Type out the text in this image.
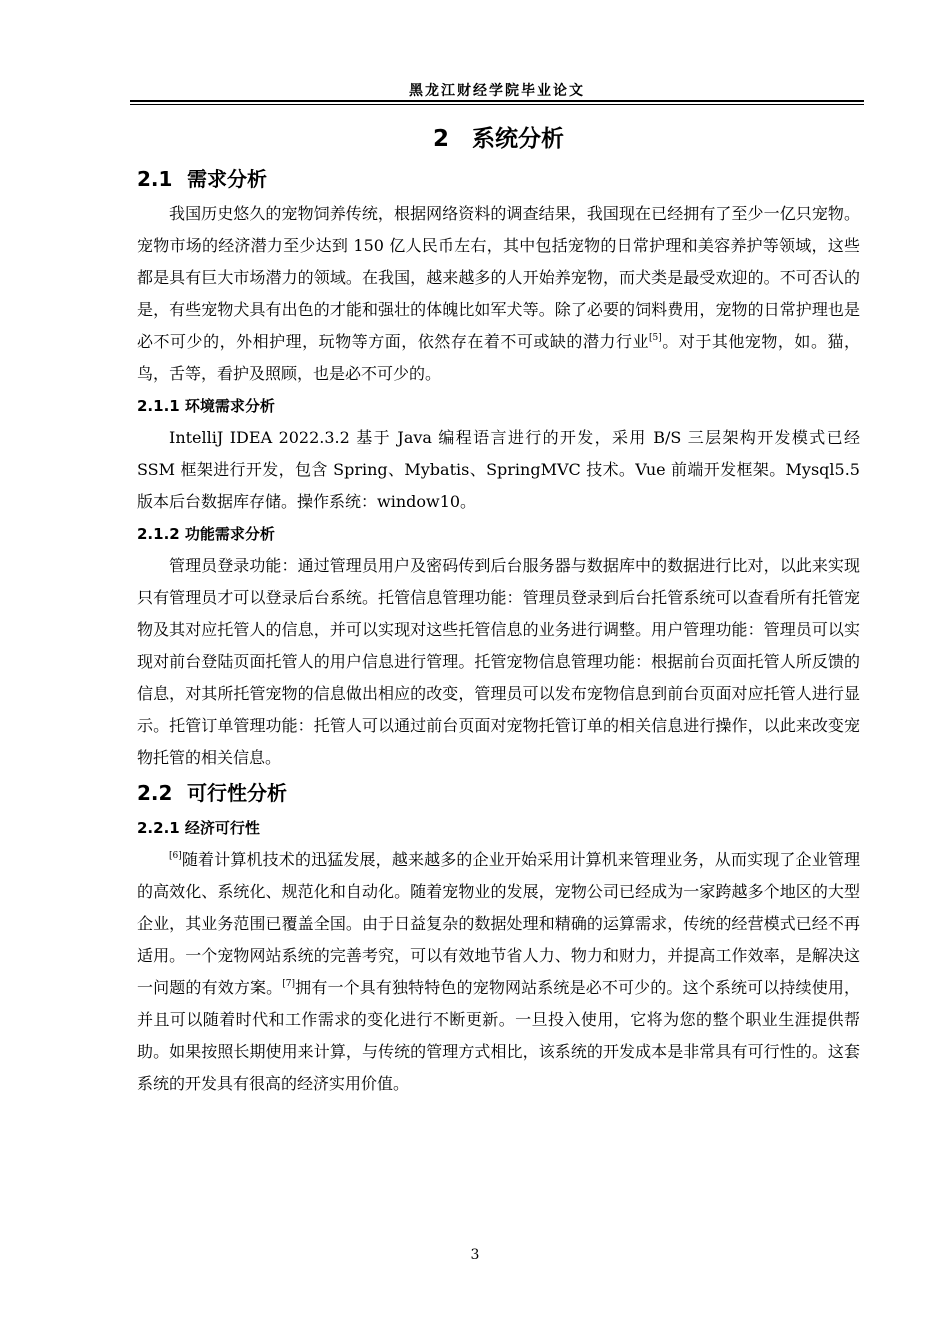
黑龙江财经学院毕业论文
2　系统分析
2.1 需求分析

我国历史悠久的宠物饲养传统，根据网络资料的调查结果，我国现在已经拥有了至少一亿只宠物。宠物市场的经济潜力至少达到 150 亿人民币左右，其中包括宠物的日常护理和美容养护等领域，这些都是具有巨大市场潜力的领域。在我国，越来越多的人开始养宠物，而犬类是最受欢迎的。不可否认的是，有些宠物犬具有出色的才能和强壮的体魄比如军犬等。除了必要的饲料费用，宠物的日常护理也是必不可少的，外相护理，玩物等方面，依然存在着不可或缺的潜力行业[5]。对于其他宠物，如。猫，鸟，舌等，看护及照顾，也是必不可少的。

2.1.1 环境需求分析

IntelliJ IDEA 2022.3.2 基于 Java 编程语言进行的开发，采用 B/S 三层架构开发模式已经 SSM 框架进行开发，包含 Spring、Mybatis、SpringMVC 技术。Vue 前端开发框架。Mysql5.5 版本后台数据库存储。操作系统：window10。

2.1.2 功能需求分析

管理员登录功能：通过管理员用户及密码传到后台服务器与数据库中的数据进行比对，以此来实现只有管理员才可以登录后台系统。托管信息管理功能：管理员登录到后台托管系统可以查看所有托管宠物及其对应托管人的信息，并可以实现对这些托管信息的业务进行调整。用户管理功能：管理员可以实现对前台登陆页面托管人的用户信息进行管理。托管宠物信息管理功能：根据前台页面托管人所反馈的信息，对其所托管宠物的信息做出相应的改变，管理员可以发布宠物信息到前台页面对应托管人进行显示。托管订单管理功能：托管人可以通过前台页面对宠物托管订单的相关信息进行操作，以此来改变宠物托管的相关信息。

2.2 可行性分析
2.2.1 经济可行性

[6]随着计算机技术的迅猛发展，越来越多的企业开始采用计算机来管理业务，从而实现了企业管理的高效化、系统化、规范化和自动化。随着宠物业的发展，宠物公司已经成为一家跨越多个地区的大型企业，其业务范围已覆盖全国。由于日益复杂的数据处理和精确的运算需求，传统的经营模式已经不再适用。一个宠物网站系统的完善考究，可以有效地节省人力、物力和财力，并提高工作效率，是解决这一问题的有效方案。[7]拥有一个具有独特特色的宠物网站系统是必不可少的。这个系统可以持续使用，并且可以随着时代和工作需求的变化进行不断更新。一旦投入使用，它将为您的整个职业生涯提供帮助。如果按照长期使用来计算，与传统的管理方式相比，该系统的开发成本是非常具有可行性的。这套系统的开发具有很高的经济实用价值。

3
